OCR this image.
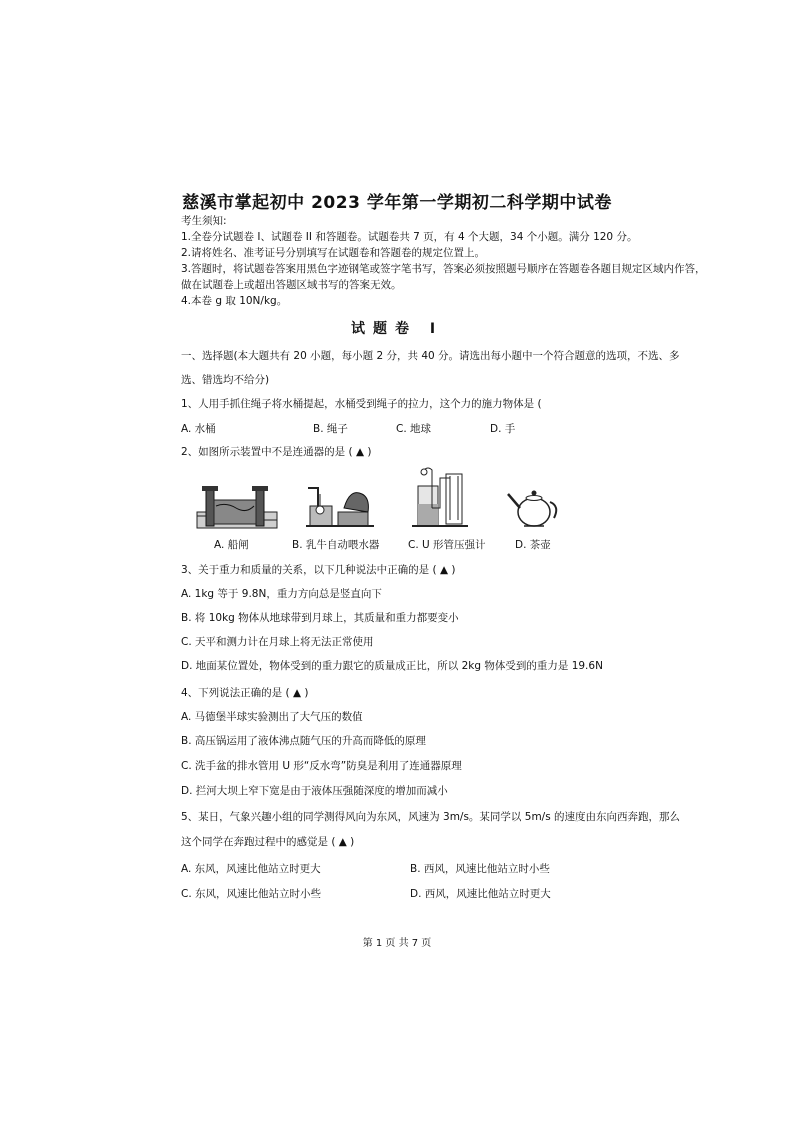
慈溪市掌起初中 2023 学年第一学期初二科学期中试卷
考生须知:
1.全卷分试题卷 I、试题卷 II 和答题卷。试题卷共 7 页，有 4 个大题，34 个小题。满分 120 分。
2.请将姓名、准考证号分别填写在试题卷和答题卷的规定位置上。
3.答题时，将试题卷答案用黑色字迹钢笔或签字笔书写，答案必须按照题号顺序在答题卷各题目规定区域内作答，
做在试题卷上或超出答题区域书写的答案无效。
4.本卷 g 取 10N/kg。
试题卷 I
一、选择题(本大题共有 20 小题，每小题 2 分，共 40 分。请选出每小题中一个符合题意的选项，不选、多
选、错选均不给分)
1、人用手抓住绳子将水桶提起，水桶受到绳子的拉力，这个力的施力物体是 (
A. 水桶	B. 绳子	C. 地球	D. 手
2、如图所示装置中不是连通器的是 ( ▲ )
A. 船闸	B. 乳牛自动喂水器	C. U 形管压强计	D. 茶壶
3、关于重力和质量的关系，以下几种说法中正确的是 ( ▲ )
A. 1kg 等于 9.8N，重力方向总是竖直向下
B. 将 10kg 物体从地球带到月球上，其质量和重力都要变小
C. 天平和测力计在月球上将无法正常使用
D. 地面某位置处，物体受到的重力跟它的质量成正比，所以 2kg 物体受到的重力是 19.6N
4、下列说法正确的是 ( ▲ )
A. 马德堡半球实验测出了大气压的数值
B. 高压锅运用了液体沸点随气压的升高而降低的原理
C. 洗手盆的排水管用 U 形“反水弯”防臭是利用了连通器原理
D. 拦河大坝上窄下宽是由于液体压强随深度的增加而减小
5、某日，气象兴趣小组的同学测得风向为东风，风速为 3m/s。某同学以 5m/s 的速度由东向西奔跑，那么
这个同学在奔跑过程中的感觉是 ( ▲ )
A. 东风，风速比他站立时更大	B. 西风，风速比他站立时小些
C. 东风，风速比他站立时小些	D. 西风，风速比他站立时更大
第 1 页 共 7 页
